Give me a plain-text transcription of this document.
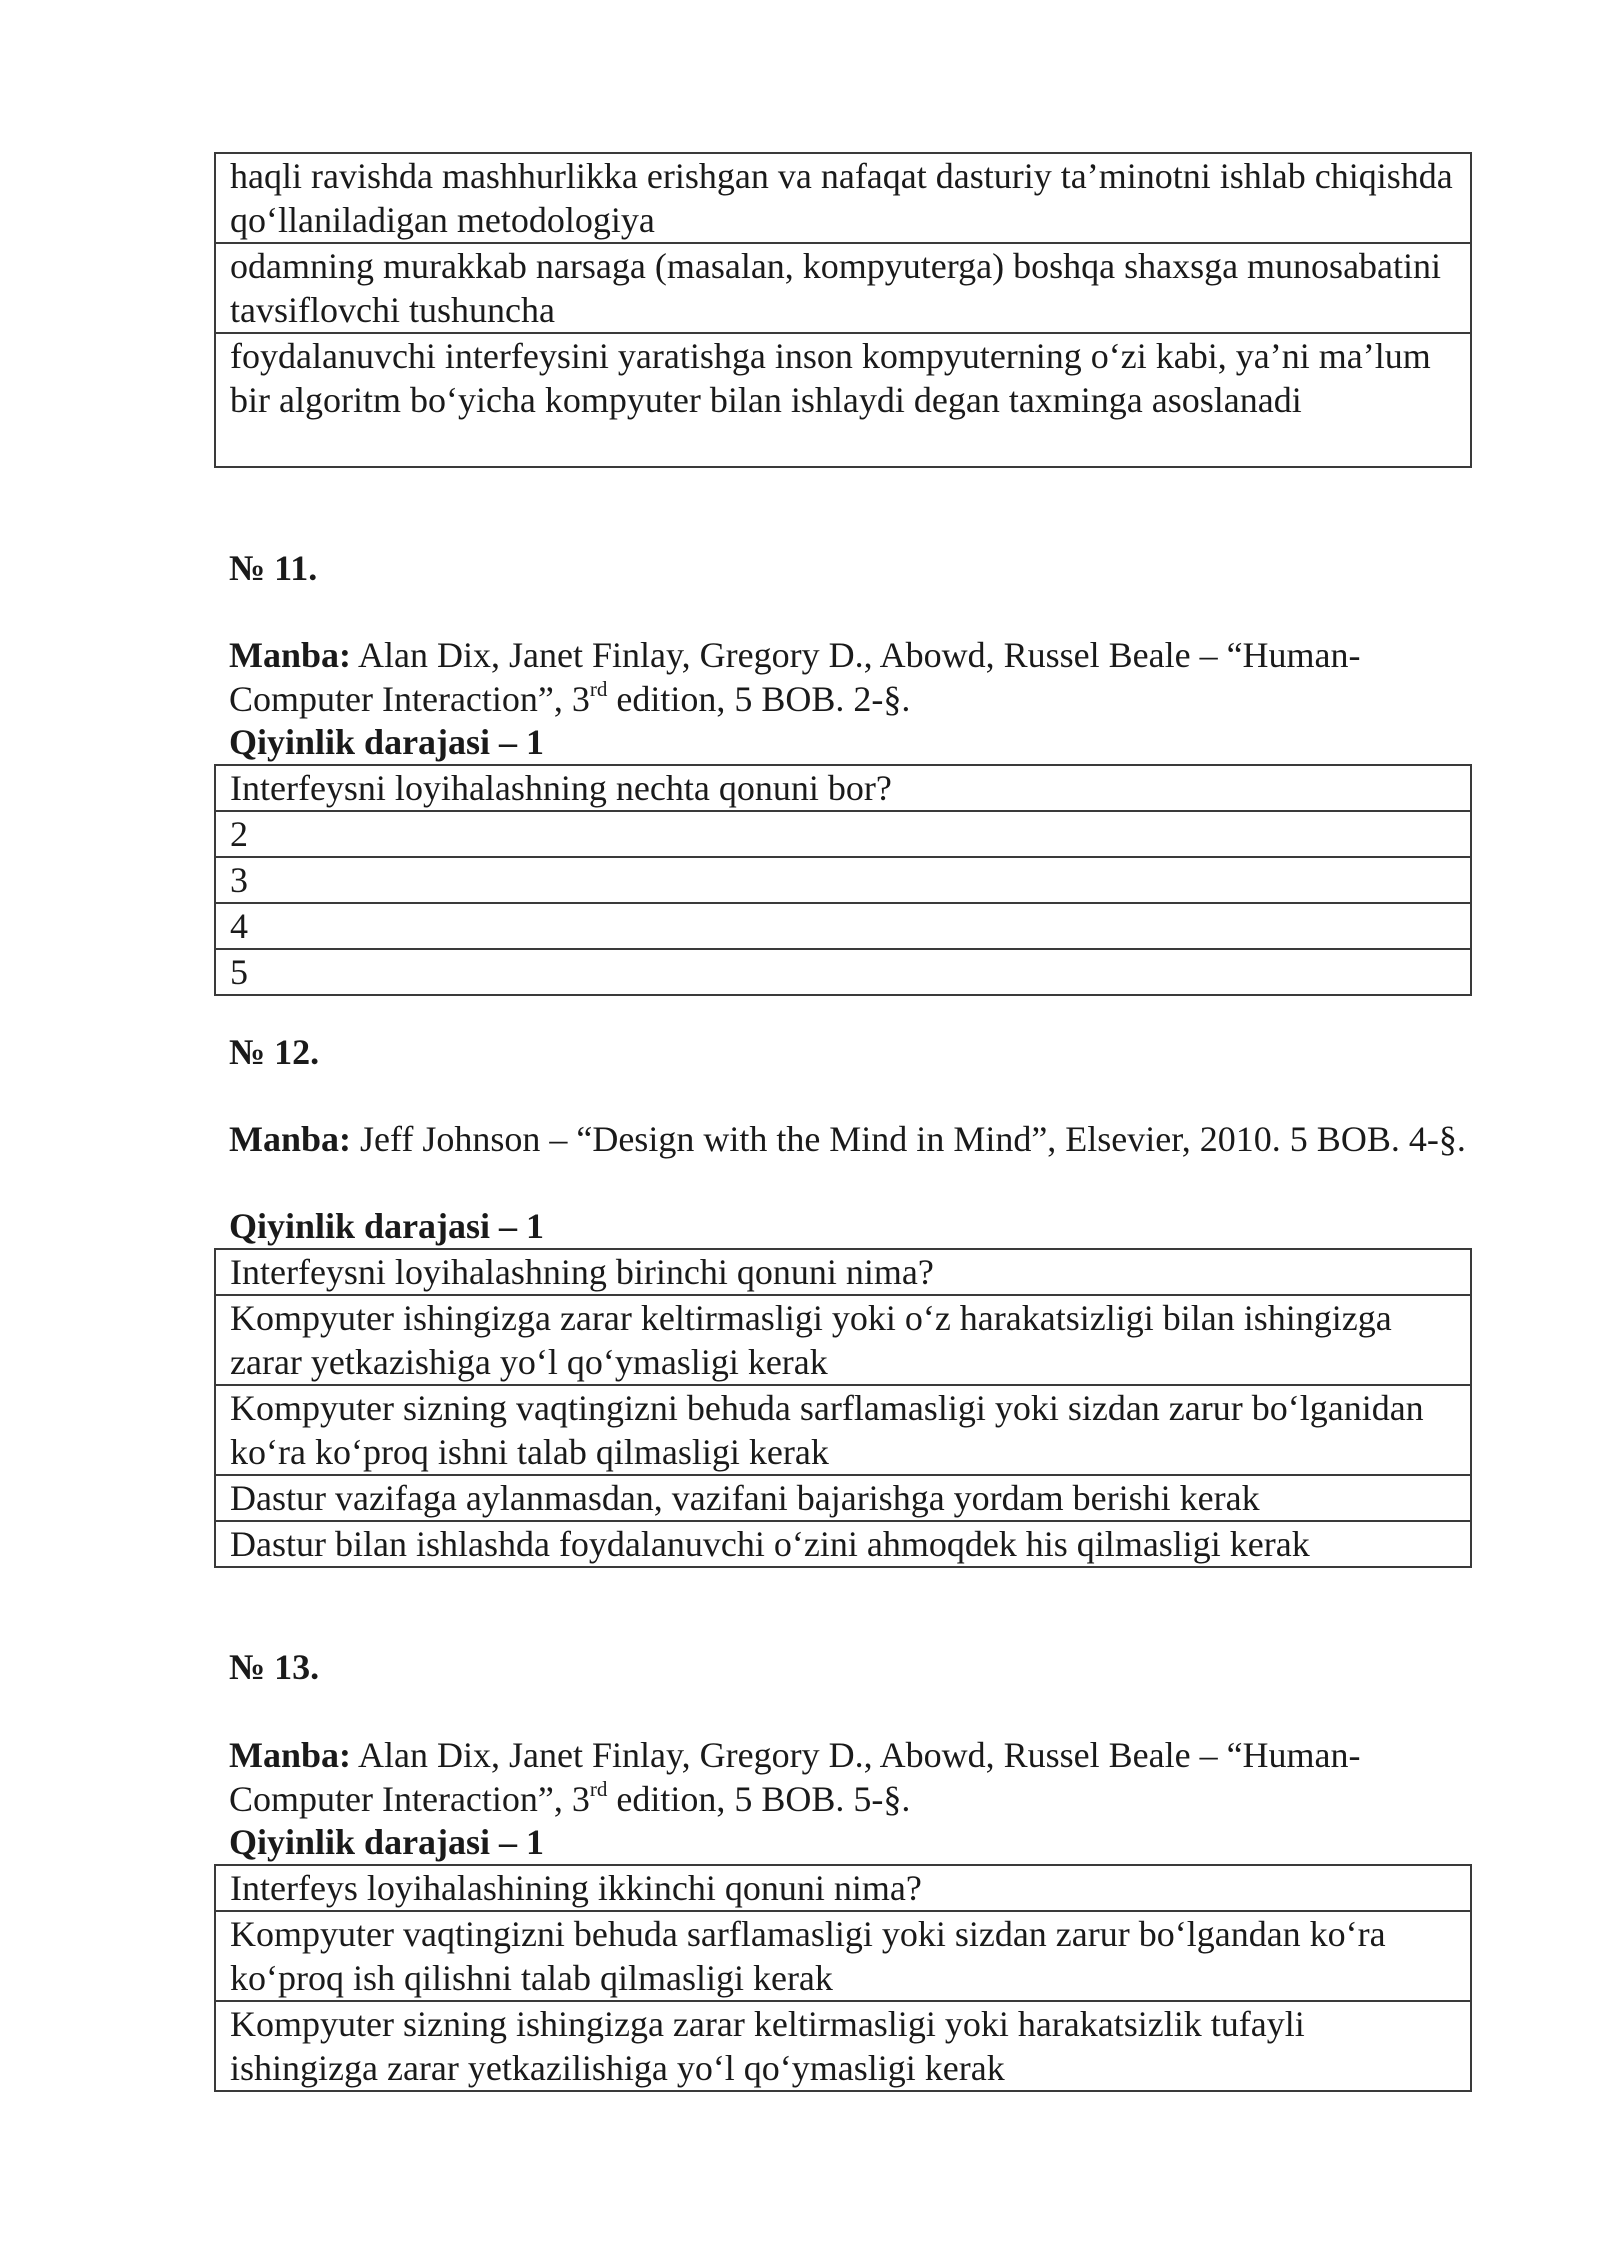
haqli ravishda mashhurlikka erishgan va nafaqat dasturiy ta’minotni ishlab chiqishda qo‘llaniladigan metodologiya
odamning murakkab narsaga (masalan, kompyuterga) boshqa shaxsga munosabatini tavsiflovchi tushuncha
foydalanuvchi interfeysini yaratishga inson kompyuterning o‘zi kabi, ya’ni ma’lum bir algoritm bo‘yicha kompyuter bilan ishlaydi degan taxminga asoslanadi

№ 11.

Manba: Alan Dix, Janet Finlay, Gregory D., Abowd, Russel Beale – “Human-Computer Interaction”, 3rd edition, 5 BOB. 2-§.

Qiyinlik darajasi – 1

Interfeysni loyihalashning nechta qonuni bor?
2
3
4
5

№ 12.

Manba: Jeff Johnson – “Design with the Mind in Mind”, Elsevier, 2010. 5 BOB. 4-§.

Qiyinlik darajasi – 1

Interfeysni loyihalashning birinchi qonuni nima?
Kompyuter ishingizga zarar keltirmasligi yoki o‘z harakatsizligi bilan ishingizga zarar yetkazishiga yo‘l qo‘ymasligi kerak
Kompyuter sizning vaqtingizni behuda sarflamasligi yoki sizdan zarur bo‘lganidan ko‘ra ko‘proq ishni talab qilmasligi kerak
Dastur vazifaga aylanmasdan, vazifani bajarishga yordam berishi kerak
Dastur bilan ishlashda foydalanuvchi o‘zini ahmoqdek his qilmasligi kerak

№ 13.

Manba: Alan Dix, Janet Finlay, Gregory D., Abowd, Russel Beale – “Human-Computer Interaction”, 3rd edition, 5 BOB. 5-§.

Qiyinlik darajasi – 1

Interfeys loyihalashining ikkinchi qonuni nima?
Kompyuter vaqtingizni behuda sarflamasligi yoki sizdan zarur bo‘lgandan ko‘ra ko‘proq ish qilishni talab qilmasligi kerak
Kompyuter sizning ishingizga zarar keltirmasligi yoki harakatsizlik tufayli ishingizga zarar yetkazilishiga yo‘l qo‘ymasligi kerak
